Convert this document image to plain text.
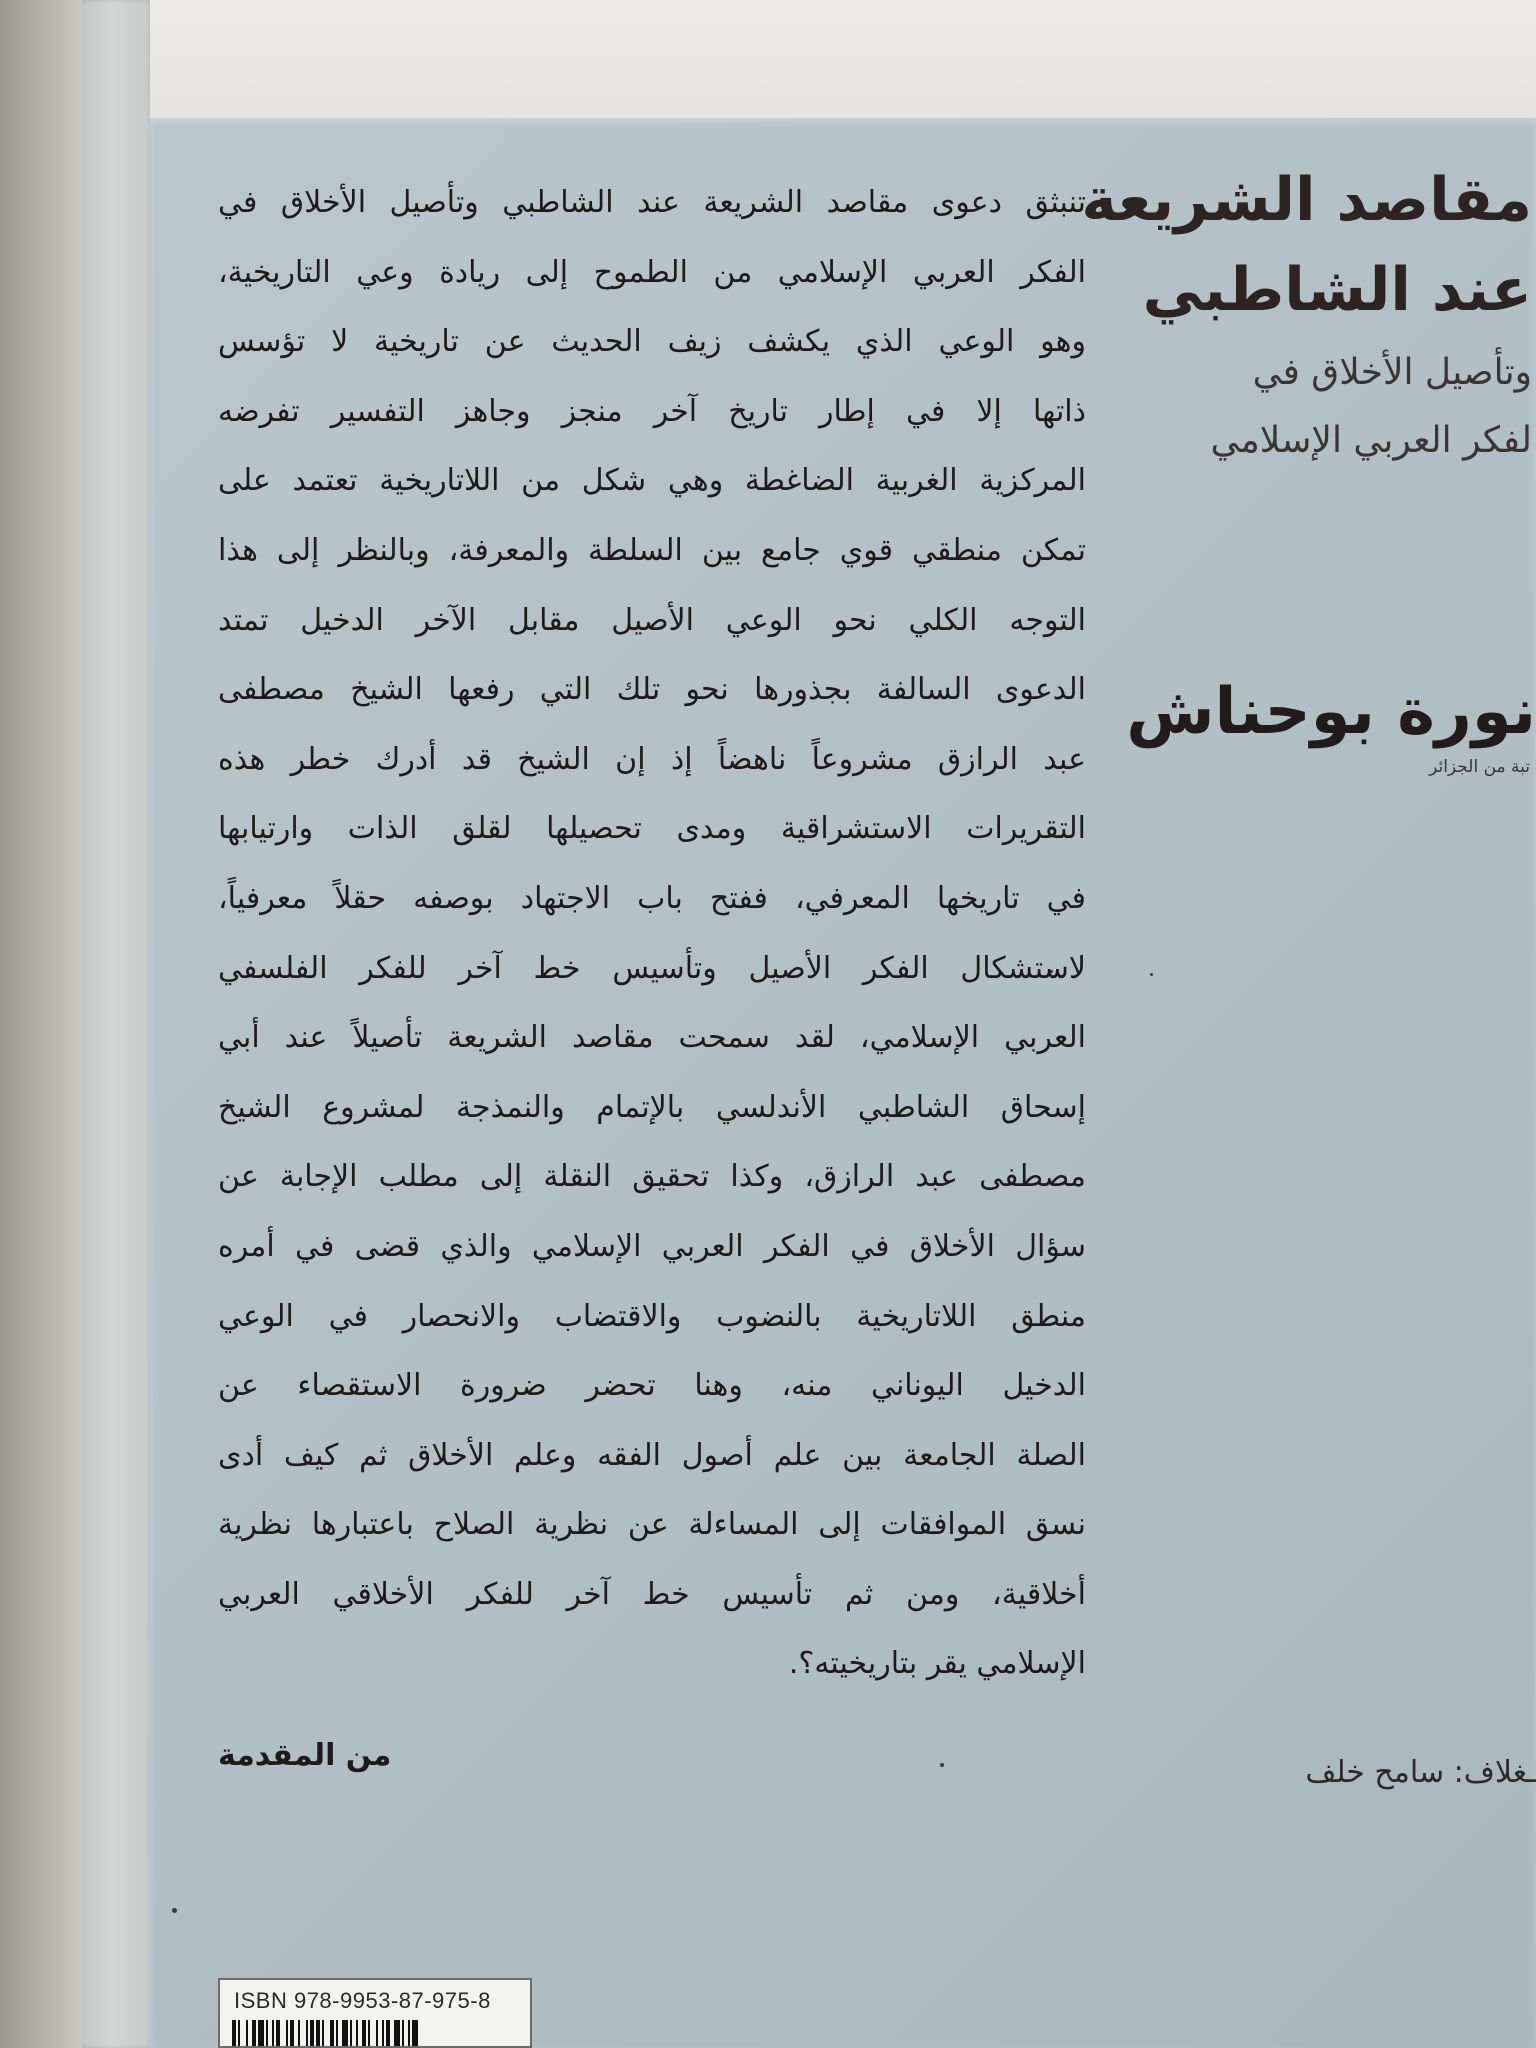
مقاصد الشريعة
عند الشاطبي
وتأصيل الأخلاق في
لفكر العربي الإسلامي
نورة بوحناش
تبة من الجزائر
ـغلاف: سامح خلف
تنبثق دعوى مقاصد الشريعة عند الشاطبي وتأصيل الأخلاق في
الفكر العربي الإسلامي من الطموح إلى ريادة وعي التاريخية،
وهو الوعي الذي يكشف زيف الحديث عن تاريخية لا تؤسس
ذاتها إلا في إطار تاريخ آخر منجز وجاهز التفسير تفرضه
المركزية الغربية الضاغطة وهي شكل من اللاتاريخية تعتمد على
تمكن منطقي قوي جامع بين السلطة والمعرفة، وبالنظر إلى هذا
التوجه الكلي نحو الوعي الأصيل مقابل الآخر الدخيل تمتد
الدعوى السالفة بجذورها نحو تلك التي رفعها الشيخ مصطفى
عبد الرازق مشروعاً ناهضاً إذ إن الشيخ قد أدرك خطر هذه
التقريرات الاستشراقية ومدى تحصيلها لقلق الذات وارتيابها
في تاريخها المعرفي، ففتح باب الاجتهاد بوصفه حقلاً معرفياً،
لاستشكال الفكر الأصيل وتأسيس خط آخر للفكر الفلسفي
العربي الإسلامي، لقد سمحت مقاصد الشريعة تأصيلاً عند أبي
إسحاق الشاطبي الأندلسي بالإتمام والنمذجة لمشروع الشيخ
مصطفى عبد الرازق، وكذا تحقيق النقلة إلى مطلب الإجابة عن
سؤال الأخلاق في الفكر العربي الإسلامي والذي قضى في أمره
منطق اللاتاريخية بالنضوب والاقتضاب والانحصار في الوعي
الدخيل اليوناني منه، وهنا تحضر ضرورة الاستقصاء عن
الصلة الجامعة بين علم أصول الفقه وعلم الأخلاق ثم كيف أدى
نسق الموافقات إلى المساءلة عن نظرية الصلاح باعتبارها نظرية
أخلاقية، ومن ثم تأسيس خط آخر للفكر الأخلاقي العربي
الإسلامي يقر بتاريخيته؟.
من المقدمة
ISBN 978-9953-87-975-8
